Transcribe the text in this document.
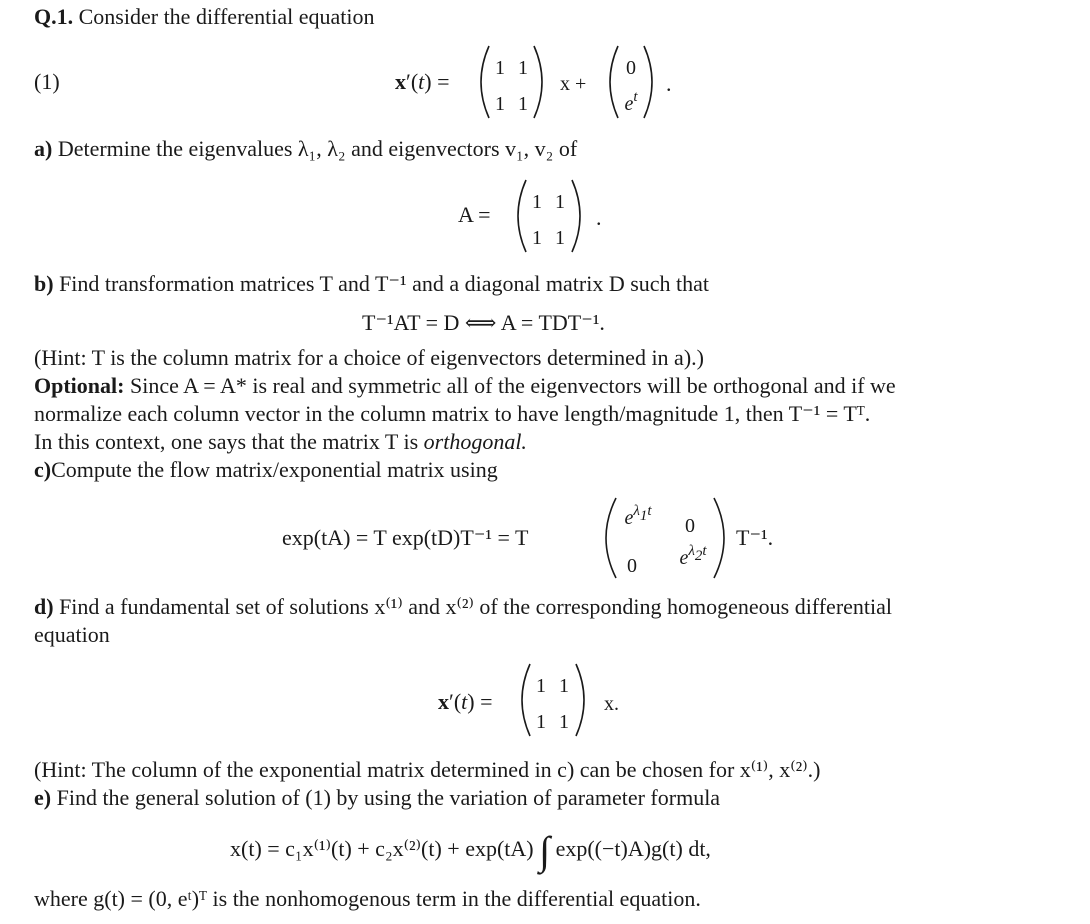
Q.1. Consider the differential equation
(1)	x′(t) =
1 1
1 1
x +
0
$e^t$
.
a) Determine the eigenvalues λ₁, λ₂ and eigenvectors v₁, v₂ of
A = 1 1
1 1
.
b) Find transformation matrices T and T⁻¹ and a diagonal matrix D such that
T⁻¹AT = D ⟺ A = TDT⁻¹.
(Hint: T is the column matrix for a choice of eigenvectors determined in a).)
Optional: Since A = A* is real and symmetric all of the eigenvectors will be orthogonal and if we
normalize each column vector in the column matrix to have length/magnitude 1, then T⁻¹ = Tᵀ.
In this context, one says that the matrix T is orthogonal.
c)Compute the flow matrix/exponential matrix using
exp(tA) = T exp(tD)T⁻¹ = T
$e^{\lambda_1t}$
0
0	$e^{\lambda_2t}$
T⁻¹.
d) Find a fundamental set of solutions x⁽¹⁾ and x⁽²⁾ of the corresponding homogeneous differential
equation
x′(t) =
1 1
1 1
x.
(Hint: The column of the exponential matrix determined in c) can be chosen for x⁽¹⁾, x⁽²⁾.)
e) Find the general solution of (1) by using the variation of parameter formula
x(t) = c₁x⁽¹⁾(t) + c₂x⁽²⁾(t) + exp(tA) ∫ exp((−t)A)g(t) dt,
where g(t) = (0, eᵗ)ᵀ is the nonhomogenous term in the differential equation.
